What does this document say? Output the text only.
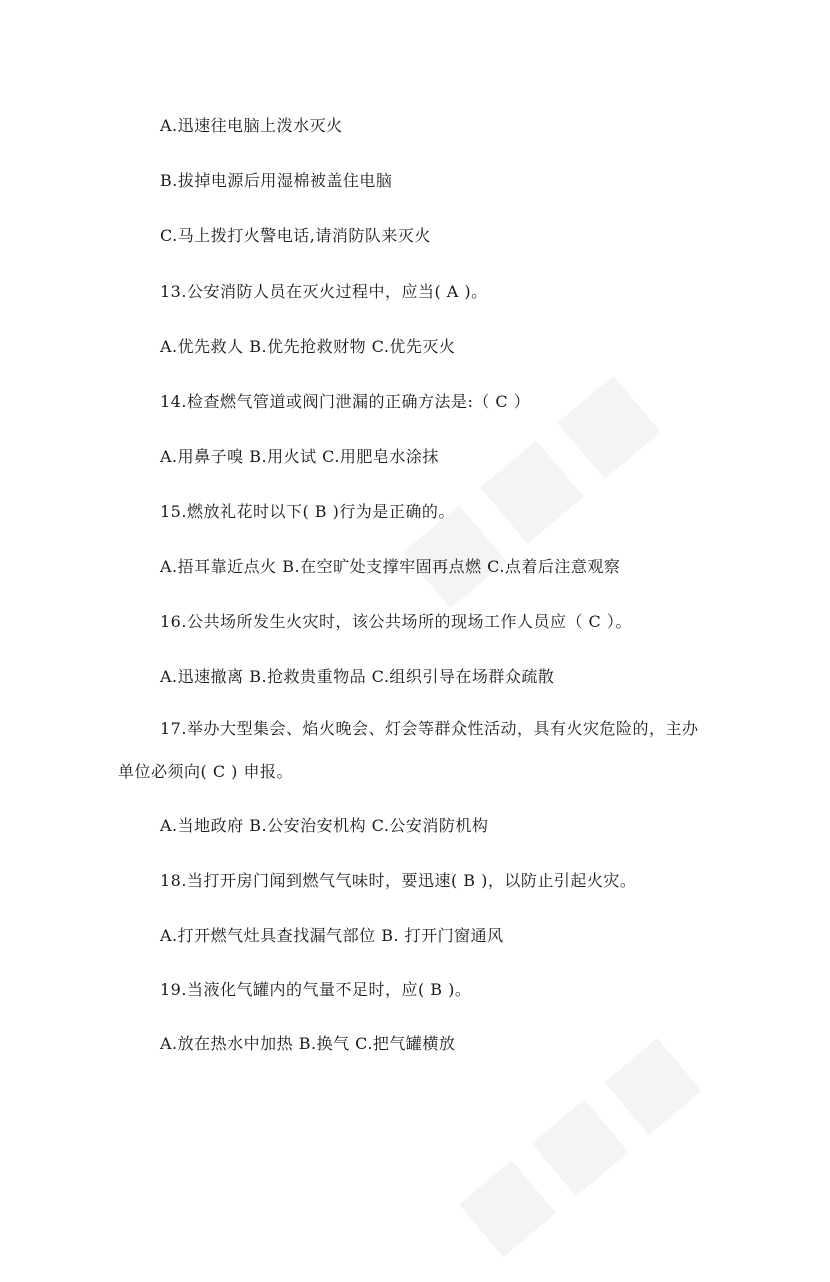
A.迅速往电脑上泼水灭火
B.拔掉电源后用湿棉被盖住电脑
C.马上拨打火警电话,请消防队来灭火
13.公安消防人员在灭火过程中，应当( A )。
A.优先救人 B.优先抢救财物 C.优先灭火
14.检查燃气管道或阀门泄漏的正确方法是:（ C ）
A.用鼻子嗅 B.用火试 C.用肥皂水涂抹
15.燃放礼花时以下( B )行为是正确的。
A.捂耳靠近点火 B.在空旷处支撑牢固再点燃 C.点着后注意观察
16.公共场所发生火灾时，该公共场所的现场工作人员应（ C ）。
A.迅速撤离 B.抢救贵重物品 C.组织引导在场群众疏散
17.举办大型集会、焰火晚会、灯会等群众性活动，具有火灾危险的，主办
单位必须向( C ) 申报。
A.当地政府 B.公安治安机构 C.公安消防机构
18.当打开房门闻到燃气气味时，要迅速( B )，以防止引起火灾。
A.打开燃气灶具查找漏气部位 B. 打开门窗通风
19.当液化气罐内的气量不足时，应( B )。
A.放在热水中加热 B.换气 C.把气罐横放
